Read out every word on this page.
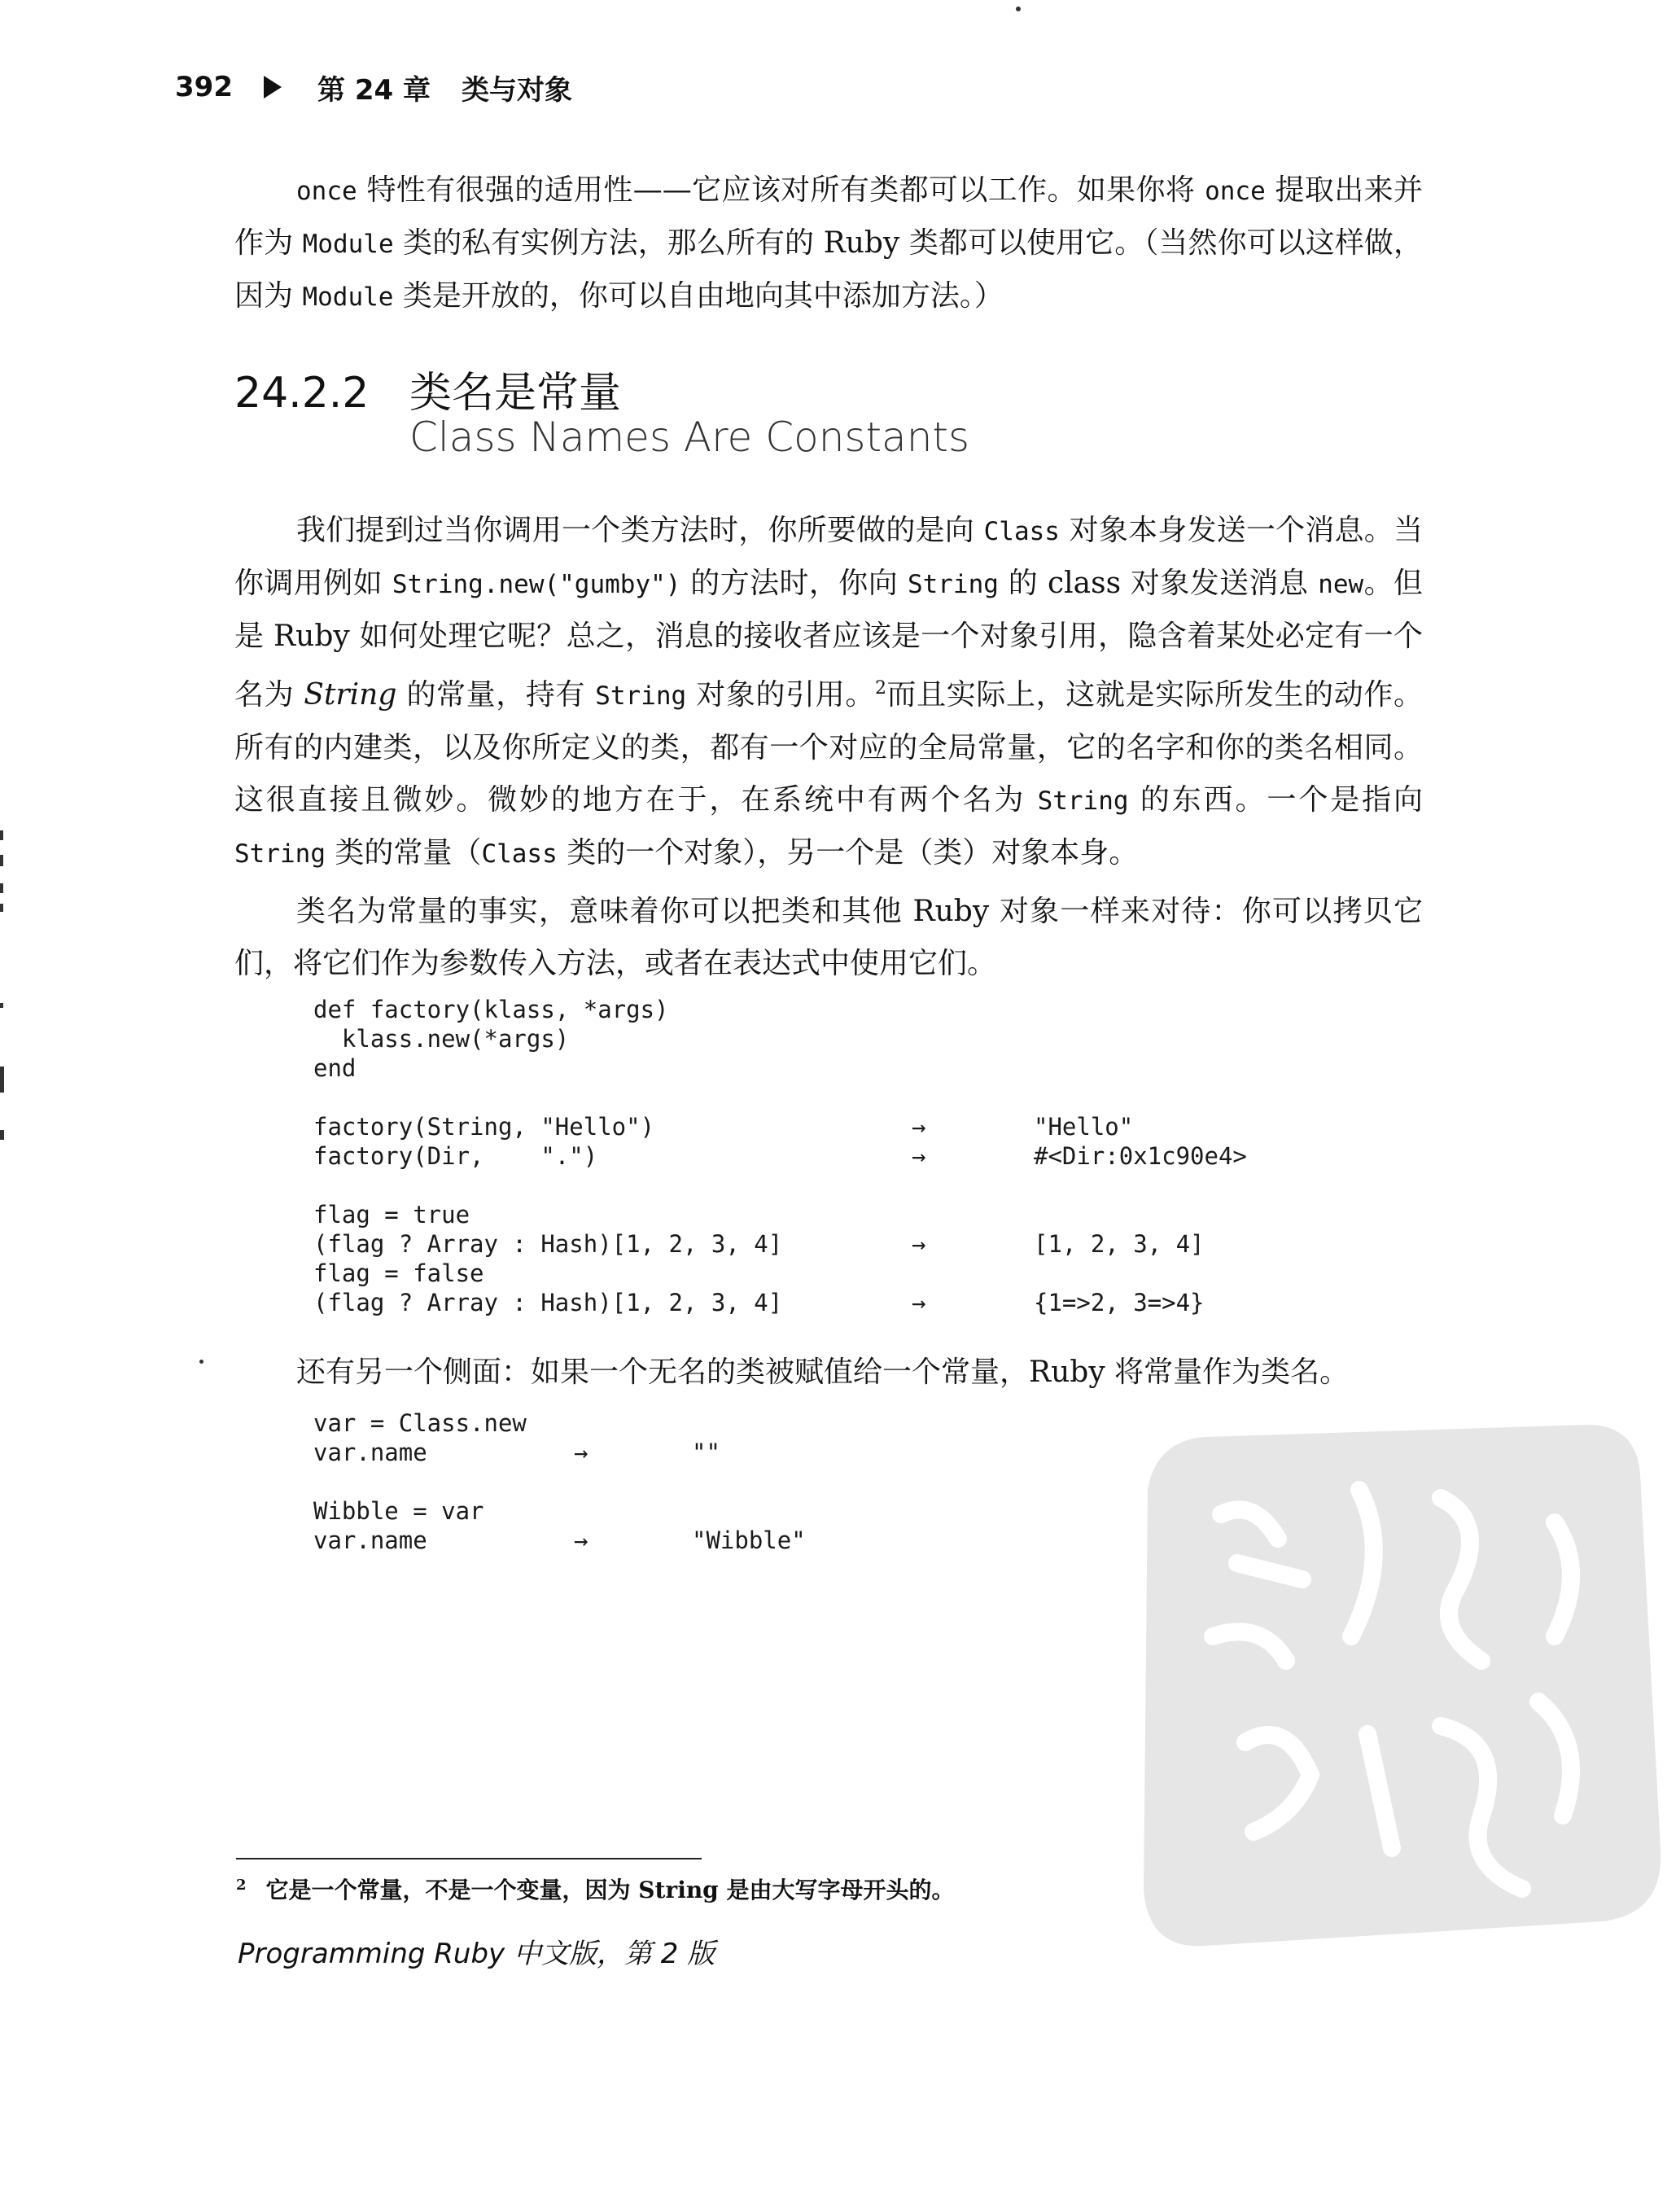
392	第 24 章 类与对象

once 特性有很强的适用性——它应该对所有类都可以工作。如果你将 once 提取出来并作为 Module 类的私有实例方法，那么所有的 Ruby 类都可以使用它。（当然你可以这样做，因为 Module 类是开放的，你可以自由地向其中添加方法。）

24.2.2 类名是常量
Class Names Are Constants

我们提到过当你调用一个类方法时，你所要做的是向 Class 对象本身发送一个消息。当你调用例如 String.new("gumby") 的方法时，你向 String 的 class 对象发送消息 new。但是 Ruby 如何处理它呢？总之，消息的接收者应该是一个对象引用，隐含着某处必定有一个名为 String 的常量，持有 String 对象的引用。$^2$而且实际上，这就是实际所发生的动作。所有的内建类，以及你所定义的类，都有一个对应的全局常量，它的名字和你的类名相同。这很直接且微妙。微妙的地方在于，在系统中有两个名为 String 的东西。一个是指向 String 类的常量（Class 类的一个对象），另一个是（类）对象本身。

类名为常量的事实，意味着你可以把类和其他 Ruby 对象一样来对待：你可以拷贝它们，将它们作为参数传入方法，或者在表达式中使用它们。

def factory(klass, *args)
klass.new(*args)
end
factory(String, "Hello")	→	"Hello"
factory(Dir,    ".")	→	#<Dir:0x1c90e4>
flag = true
(flag ? Array : Hash)[1, 2, 3, 4]	→	[1, 2, 3, 4]
flag = false
(flag ? Array : Hash)[1, 2, 3, 4]	→	{1=>2, 3=>4}

还有另一个侧面：如果一个无名的类被赋值给一个常量，Ruby 将常量作为类名。

var = Class.new
var.name	→	""
Wibble = var
var.name	→	"Wibble"
$^2$ 它是一个常量，不是一个变量，因为 String 是由大写字母开头的。
Programming Ruby 中文版，第 2 版
